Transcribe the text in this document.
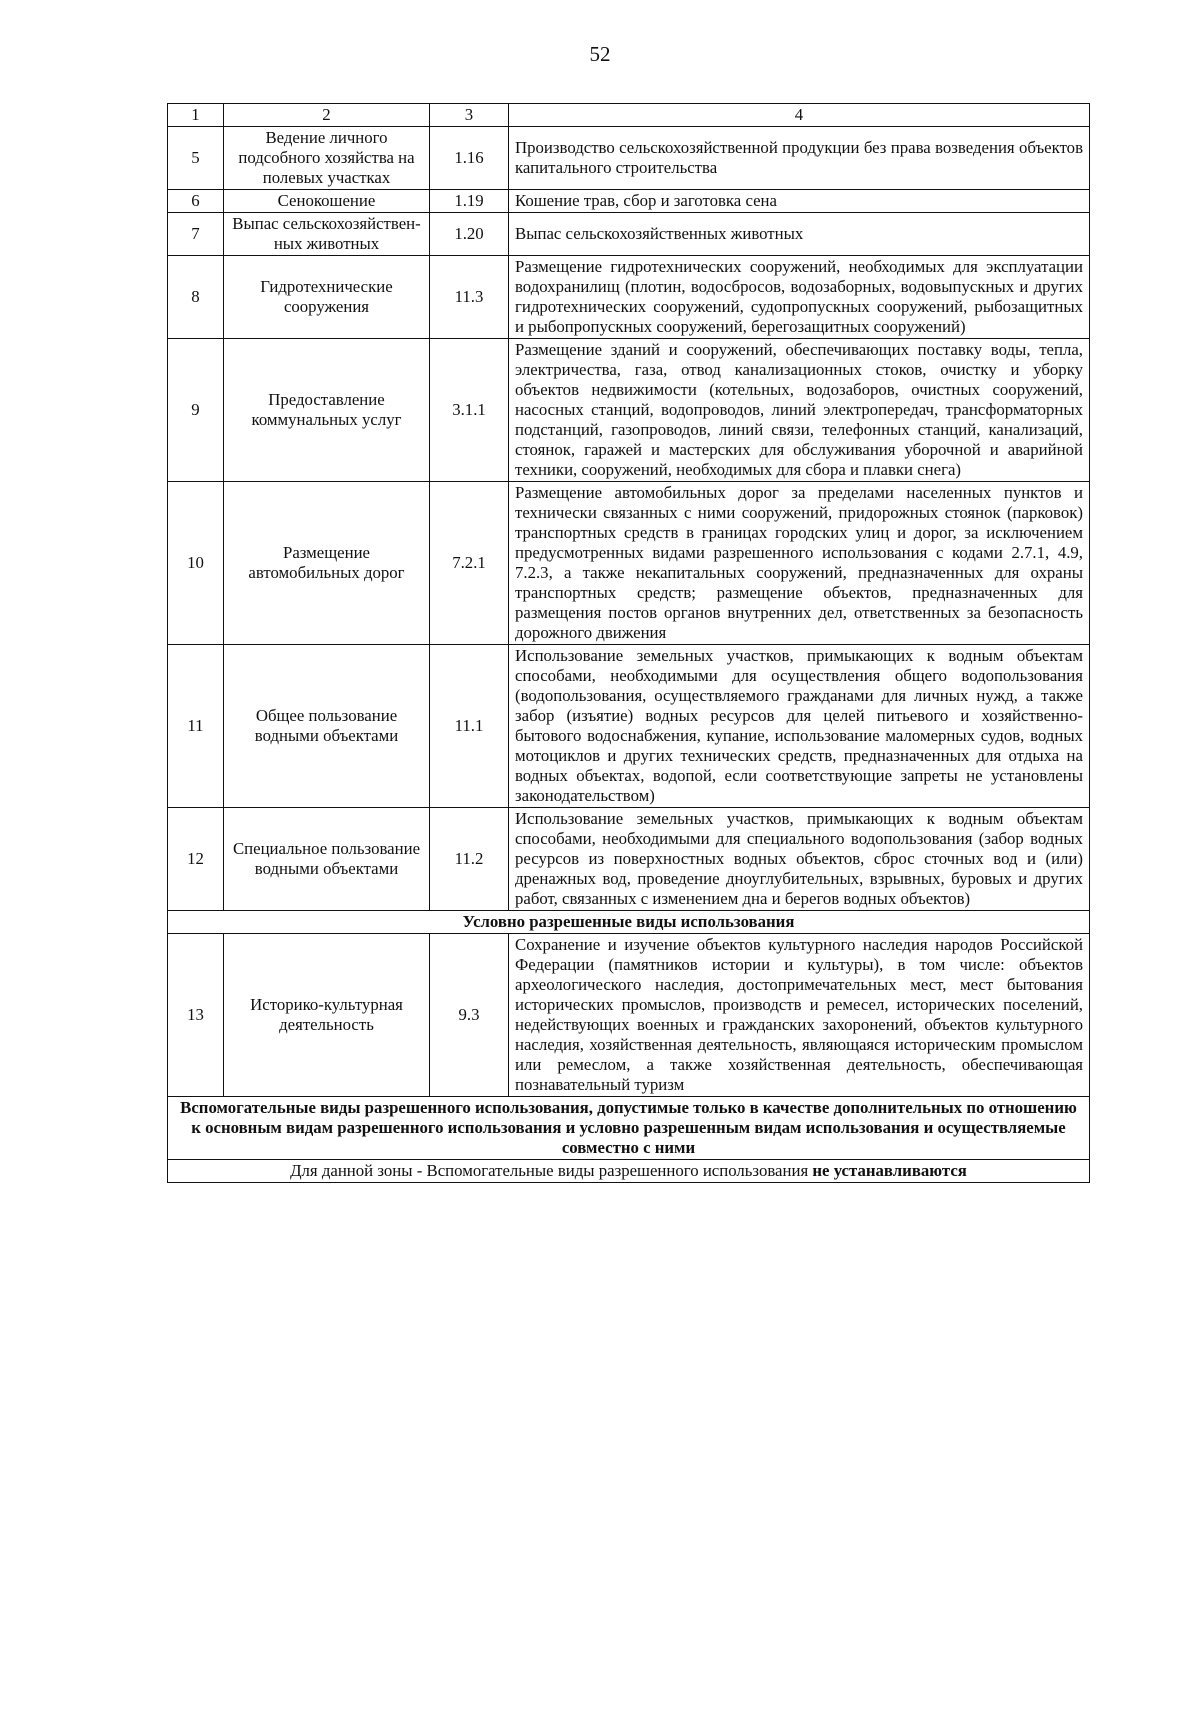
52
1	2	3	4
5	Ведение личного подсобного хозяйства на полевых участках	1.16	Производство сельскохозяйственной продукции без права возведения объектов капитального строительства
6	Сенокошение	1.19	Кошение трав, сбор и заготовка сена
7	Выпас сельскохозяйствен-ных животных	1.20	Выпас сельскохозяйственных животных
8	Гидротехнические сооружения	11.3	Размещение гидротехнических сооружений, необходимых для эксплуатации водохранилищ (плотин, водосбросов, водозаборных, водовыпускных и других гидротехнических сооружений, судопропускных сооружений, рыбозащитных и рыбопропускных сооружений, берегозащитных сооружений)
9	Предоставление коммунальных услуг	3.1.1	Размещение зданий и сооружений, обеспечивающих поставку воды, тепла, электричества, газа, отвод канализационных стоков, очистку и уборку объектов недвижимости (котельных, водозаборов, очистных сооружений, насосных станций, водопроводов, линий электропередач, трансформаторных подстанций, газопроводов, линий связи, телефонных станций, канализаций, стоянок, гаражей и мастерских для обслуживания уборочной и аварийной техники, сооружений, необходимых для сбора и плавки снега)
10	Размещение автомобильных дорог	7.2.1	Размещение автомобильных дорог за пределами населенных пунктов и технически связанных с ними сооружений, придорожных стоянок (парковок) транспортных средств в границах городских улиц и дорог, за исключением предусмотренных видами разрешенного использования с кодами 2.7.1, 4.9, 7.2.3, а также некапитальных сооружений, предназначенных для охраны транспортных средств; размещение объектов, предназначенных для размещения постов органов внутренних дел, ответственных за безопасность дорожного движения
11	Общее пользование водными объектами	11.1	Использование земельных участков, примыкающих к водным объектам способами, необходимыми для осуществления общего водопользования (водопользования, осуществляемого гражданами для личных нужд, а также забор (изъятие) водных ресурсов для целей питьевого и хозяйственно-бытового водоснабжения, купание, использование маломерных судов, водных мотоциклов и других технических средств, предназначенных для отдыха на водных объектах, водопой, если соответствующие запреты не установлены законодательством)
12	Специальное пользование водными объектами	11.2	Использование земельных участков, примыкающих к водным объектам способами, необходимыми для специального водопользования (забор водных ресурсов из поверхностных водных объектов, сброс сточных вод и (или) дренажных вод, проведение дноуглубительных, взрывных, буровых и других работ, связанных с изменением дна и берегов водных объектов)
Условно разрешенные виды использования			
13	Историко-культурная деятельность	9.3	Сохранение и изучение объектов культурного наследия народов Российской Федерации (памятников истории и культуры), в том числе: объектов археологического наследия, достопримечательных мест, мест бытования исторических промыслов, производств и ремесел, исторических поселений, недействующих военных и гражданских захоронений, объектов культурного наследия, хозяйственная деятельность, являющаяся историческим промыслом или ремеслом, а также хозяйственная деятельность, обеспечивающая познавательный туризм
Вспомогательные виды разрешенного использования, допустимые только в качестве дополнительных по отношению к основным видам разрешенного использования и условно разрешенным видам использования и осуществляемые совместно с ними			
Для данной зоны - Вспомогательные виды разрешенного использования не устанавливаются			
